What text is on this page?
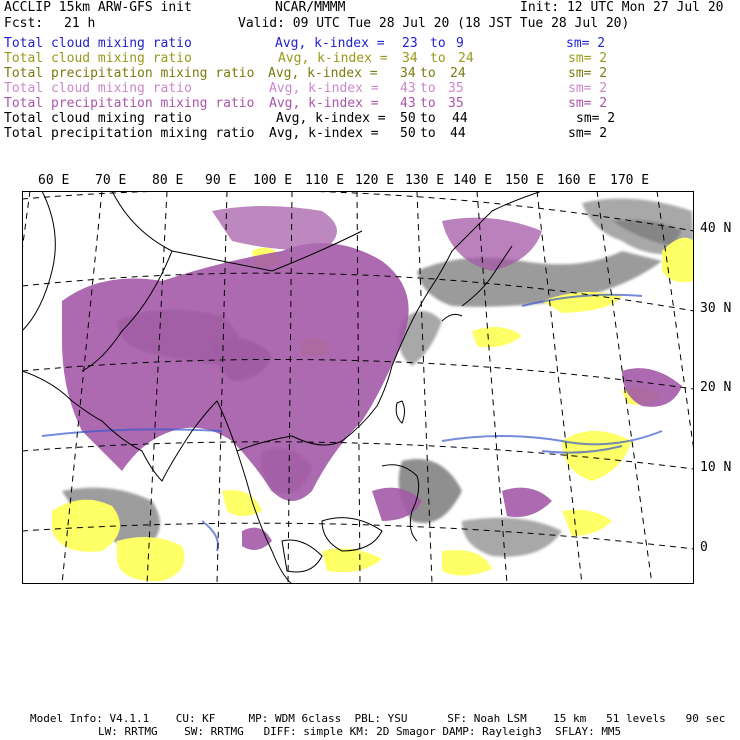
ACCLIP 15km ARW-GFS init	NCAR/MMMM	Init: 12 UTC Mon 27 Jul 20
Fcst: 21 h	Valid: 09 UTC Tue 28 Jul 20 (18 JST Tue 28 Jul 20)
Total cloud mixing ratio	Avg, k-index = 23 to 9	sm= 2
Total cloud mixing ratio	Avg, k-index = 34 to 24	sm= 2
Total precipitation mixing ratio Avg, k-index = 34 to 24	sm= 2
Total cloud mixing ratio	Avg, k-index = 43 to 35	sm= 2
Total precipitation mixing ratio Avg, k-index = 43 to 35	sm= 2
Total cloud mixing ratio	Avg, k-index = 50 to 44	sm= 2
Total precipitation mixing ratio Avg, k-index = 50 to 44	sm= 2
60 E 70 E 80 E 90 E 100 E 110 E 120 E 130 E 140 E 150 E 160 E 170 E
40 N
30 N
20 N
10 N
0
Model Info: V4.1.1    CU: KF     MP: WDM 6class  PBL: YSU      SF: Noah LSM    15 km   51 levels   90 sec
LW: RRTMG    SW: RRTMG   DIFF: simple KM: 2D Smagor DAMP: Rayleigh3  SFLAY: MM5
